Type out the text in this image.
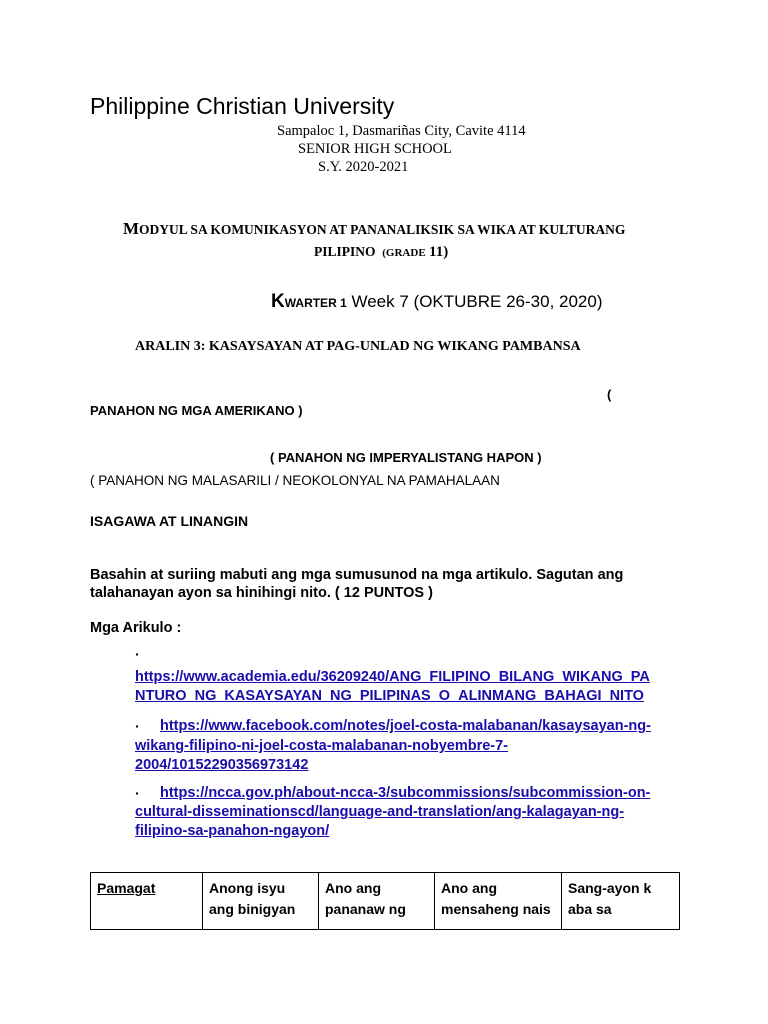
Philippine Christian University
Sampaloc 1, Dasmariñas City, Cavite 4114
SENIOR HIGH SCHOOL
S.Y. 2020-2021
MODYUL SA KOMUNIKASYON AT PANANALIKSIK SA WIKA AT KULTURANG
PILIPINO (GRADE 11)
KWARTER 1 Week 7 (OKTUBRE 26-30, 2020)
ARALIN 3: KASAYSAYAN AT PAG-UNLAD NG WIKANG PAMBANSA
(
PANAHON NG MGA AMERIKANO )
( PANAHON NG IMPERYALISTANG HAPON )
( PANAHON NG MALASARILI / NEOKOLONYAL NA PAMAHALAAN
ISAGAWA AT LINANGIN
Basahin at suriing mabuti ang mga sumusunod na mga artikulo. Sagutan ang
talahanayan ayon sa hinihingi nito. ( 12 PUNTOS )
Mga Arikulo :
·
https://www.academia.edu/36209240/ANG_FILIPINO_BILANG_WIKANG_PA
NTURO_NG_KASAYSAYAN_NG_PILIPINAS_O_ALINMANG_BAHAGI_NITO
· https://www.facebook.com/notes/joel-costa-malabanan/kasaysayan-ng-
wikang-filipino-ni-joel-costa-malabanan-nobyembre-7-
2004/10152290356973142
· https://ncca.gov.ph/about-ncca-3/subcommissions/subcommission-on-
cultural-disseminationscd/language-and-translation/ang-kalagayan-ng-
filipino-sa-panahon-ngayon/
Pamagat	Anong isyu ang binigyan	Ano ang pananaw ng	Ano ang mensaheng nais	Sang-ayon k aba sa
